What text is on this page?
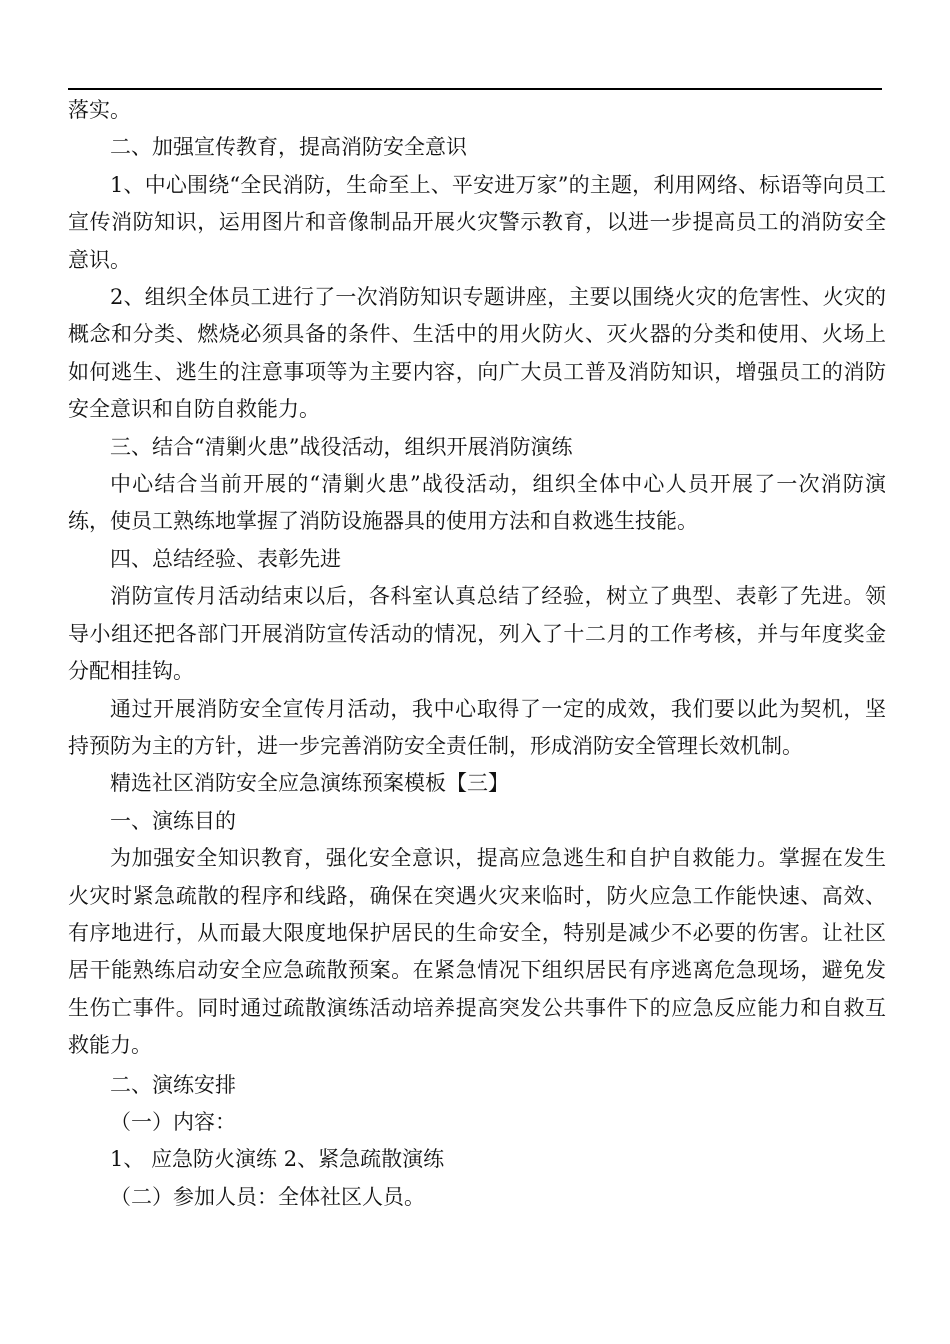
落实。

二、加强宣传教育，提高消防安全意识

1、中心围绕“全民消防，生命至上、平安进万家”的主题，利用网络、标语等向员工宣传消防知识，运用图片和音像制品开展火灾警示教育，以进一步提高员工的消防安全意识。

2、组织全体员工进行了一次消防知识专题讲座，主要以围绕火灾的危害性、火灾的概念和分类、燃烧必须具备的条件、生活中的用火防火、灭火器的分类和使用、火场上如何逃生、逃生的注意事项等为主要内容，向广大员工普及消防知识，增强员工的消防安全意识和自防自救能力。

三、结合“清剿火患”战役活动，组织开展消防演练

中心结合当前开展的“清剿火患”战役活动，组织全体中心人员开展了一次消防演练，使员工熟练地掌握了消防设施器具的使用方法和自救逃生技能。

四、总结经验、表彰先进

消防宣传月活动结束以后，各科室认真总结了经验，树立了典型、表彰了先进。领导小组还把各部门开展消防宣传活动的情况，列入了十二月的工作考核，并与年度奖金分配相挂钩。

通过开展消防安全宣传月活动，我中心取得了一定的成效，我们要以此为契机，坚持预防为主的方针，进一步完善消防安全责任制，形成消防安全管理长效机制。

精选社区消防安全应急演练预案模板【三】

一、演练目的

为加强安全知识教育，强化安全意识，提高应急逃生和自护自救能力。掌握在发生火灾时紧急疏散的程序和线路，确保在突遇火灾来临时，防火应急工作能快速、高效、有序地进行，从而最大限度地保护居民的生命安全，特别是减少不必要的伤害。让社区居干能熟练启动安全应急疏散预案。在紧急情况下组织居民有序逃离危急现场，避免发生伤亡事件。同时通过疏散演练活动培养提高突发公共事件下的应急反应能力和自救互救能力。

二、演练安排

（一）内容：

1、 应急防火演练 2、紧急疏散演练

（二）参加人员：全体社区人员。
